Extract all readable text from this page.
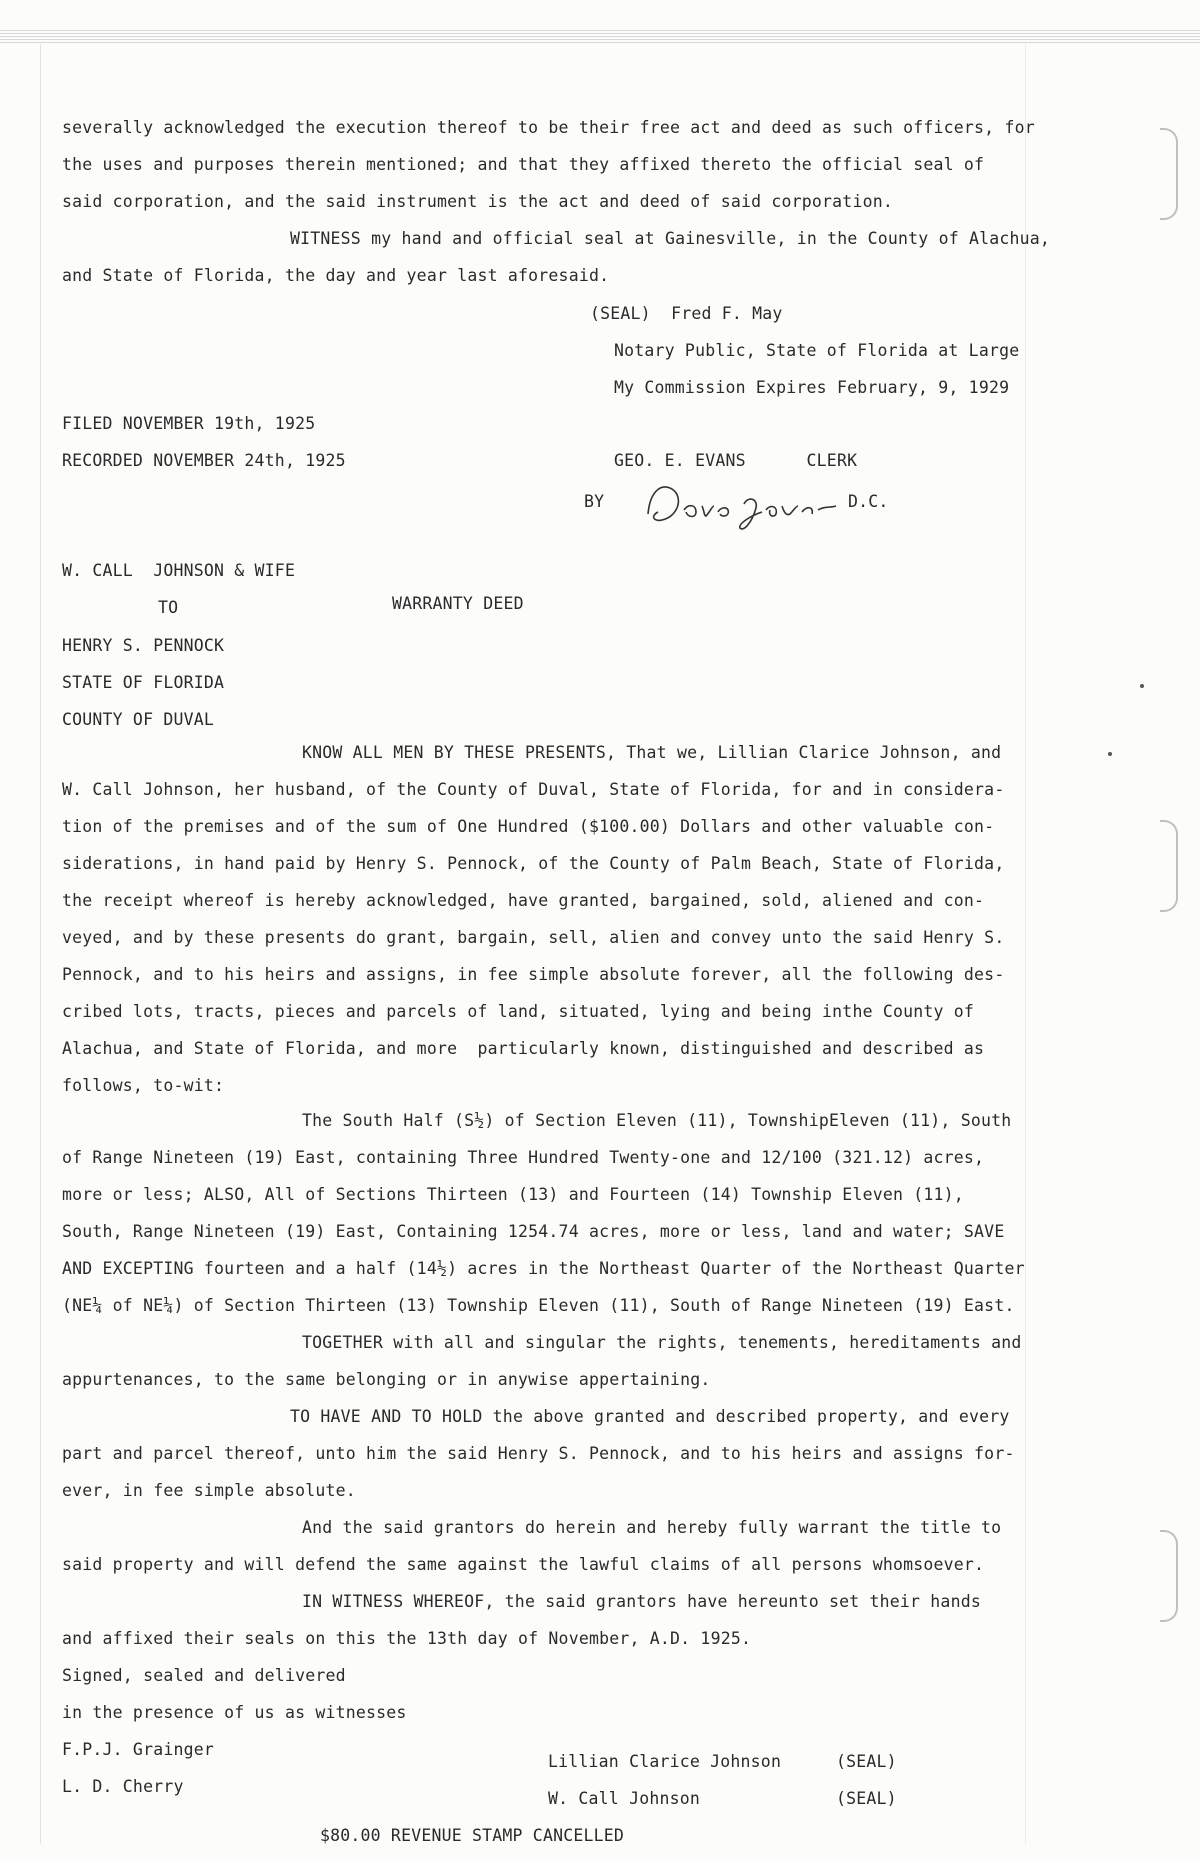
severally acknowledged the execution thereof to be their free act and deed as such officers, for
the uses and purposes therein mentioned; and that they affixed thereto the official seal of
said corporation, and the said instrument is the act and deed of said corporation.
WITNESS my hand and official seal at Gainesville, in the County of Alachua,
and State of Florida, the day and year last aforesaid.
(SEAL)  Fred F. May
Notary Public, State of Florida at Large
My Commission Expires February, 9, 1929
FILED NOVEMBER 19th, 1925
RECORDED NOVEMBER 24th, 1925	GEO. E. EVANS      CLERK
BY	D.C.
W. CALL  JOHNSON & WIFE
TO	WARRANTY DEED
HENRY S. PENNOCK
STATE OF FLORIDA
COUNTY OF DUVAL
KNOW ALL MEN BY THESE PRESENTS, That we, Lillian Clarice Johnson, and
W. Call Johnson, her husband, of the County of Duval, State of Florida, for and in considera-
tion of the premises and of the sum of One Hundred ($100.00) Dollars and other valuable con-
siderations, in hand paid by Henry S. Pennock, of the County of Palm Beach, State of Florida,
the receipt whereof is hereby acknowledged, have granted, bargained, sold, aliened and con-
veyed, and by these presents do grant, bargain, sell, alien and convey unto the said Henry S.
Pennock, and to his heirs and assigns, in fee simple absolute forever, all the following des-
cribed lots, tracts, pieces and parcels of land, situated, lying and being inthe County of
Alachua, and State of Florida, and more  particularly known, distinguished and described as
follows, to-wit:
The South Half (S½) of Section Eleven (11), TownshipEleven (11), South
of Range Nineteen (19) East, containing Three Hundred Twenty-one and 12/100 (321.12) acres,
more or less; ALSO, All of Sections Thirteen (13) and Fourteen (14) Township Eleven (11),
South, Range Nineteen (19) East, Containing 1254.74 acres, more or less, land and water; SAVE
AND EXCEPTING fourteen and a half (14½) acres in the Northeast Quarter of the Northeast Quarter
(NE¼ of NE¼) of Section Thirteen (13) Township Eleven (11), South of Range Nineteen (19) East.
TOGETHER with all and singular the rights, tenements, hereditaments and
appurtenances, to the same belonging or in anywise appertaining.
TO HAVE AND TO HOLD the above granted and described property, and every
part and parcel thereof, unto him the said Henry S. Pennock, and to his heirs and assigns for-
ever, in fee simple absolute.
And the said grantors do herein and hereby fully warrant the title to
said property and will defend the same against the lawful claims of all persons whomsoever.
IN WITNESS WHEREOF, the said grantors have hereunto set their hands
and affixed their seals on this the 13th day of November, A.D. 1925.
Signed, sealed and delivered
in the presence of us as witnesses
F.P.J. Grainger
L. D. Cherry
Lillian Clarice Johnson	(SEAL)
W. Call Johnson	(SEAL)
$80.00 REVENUE STAMP CANCELLED
